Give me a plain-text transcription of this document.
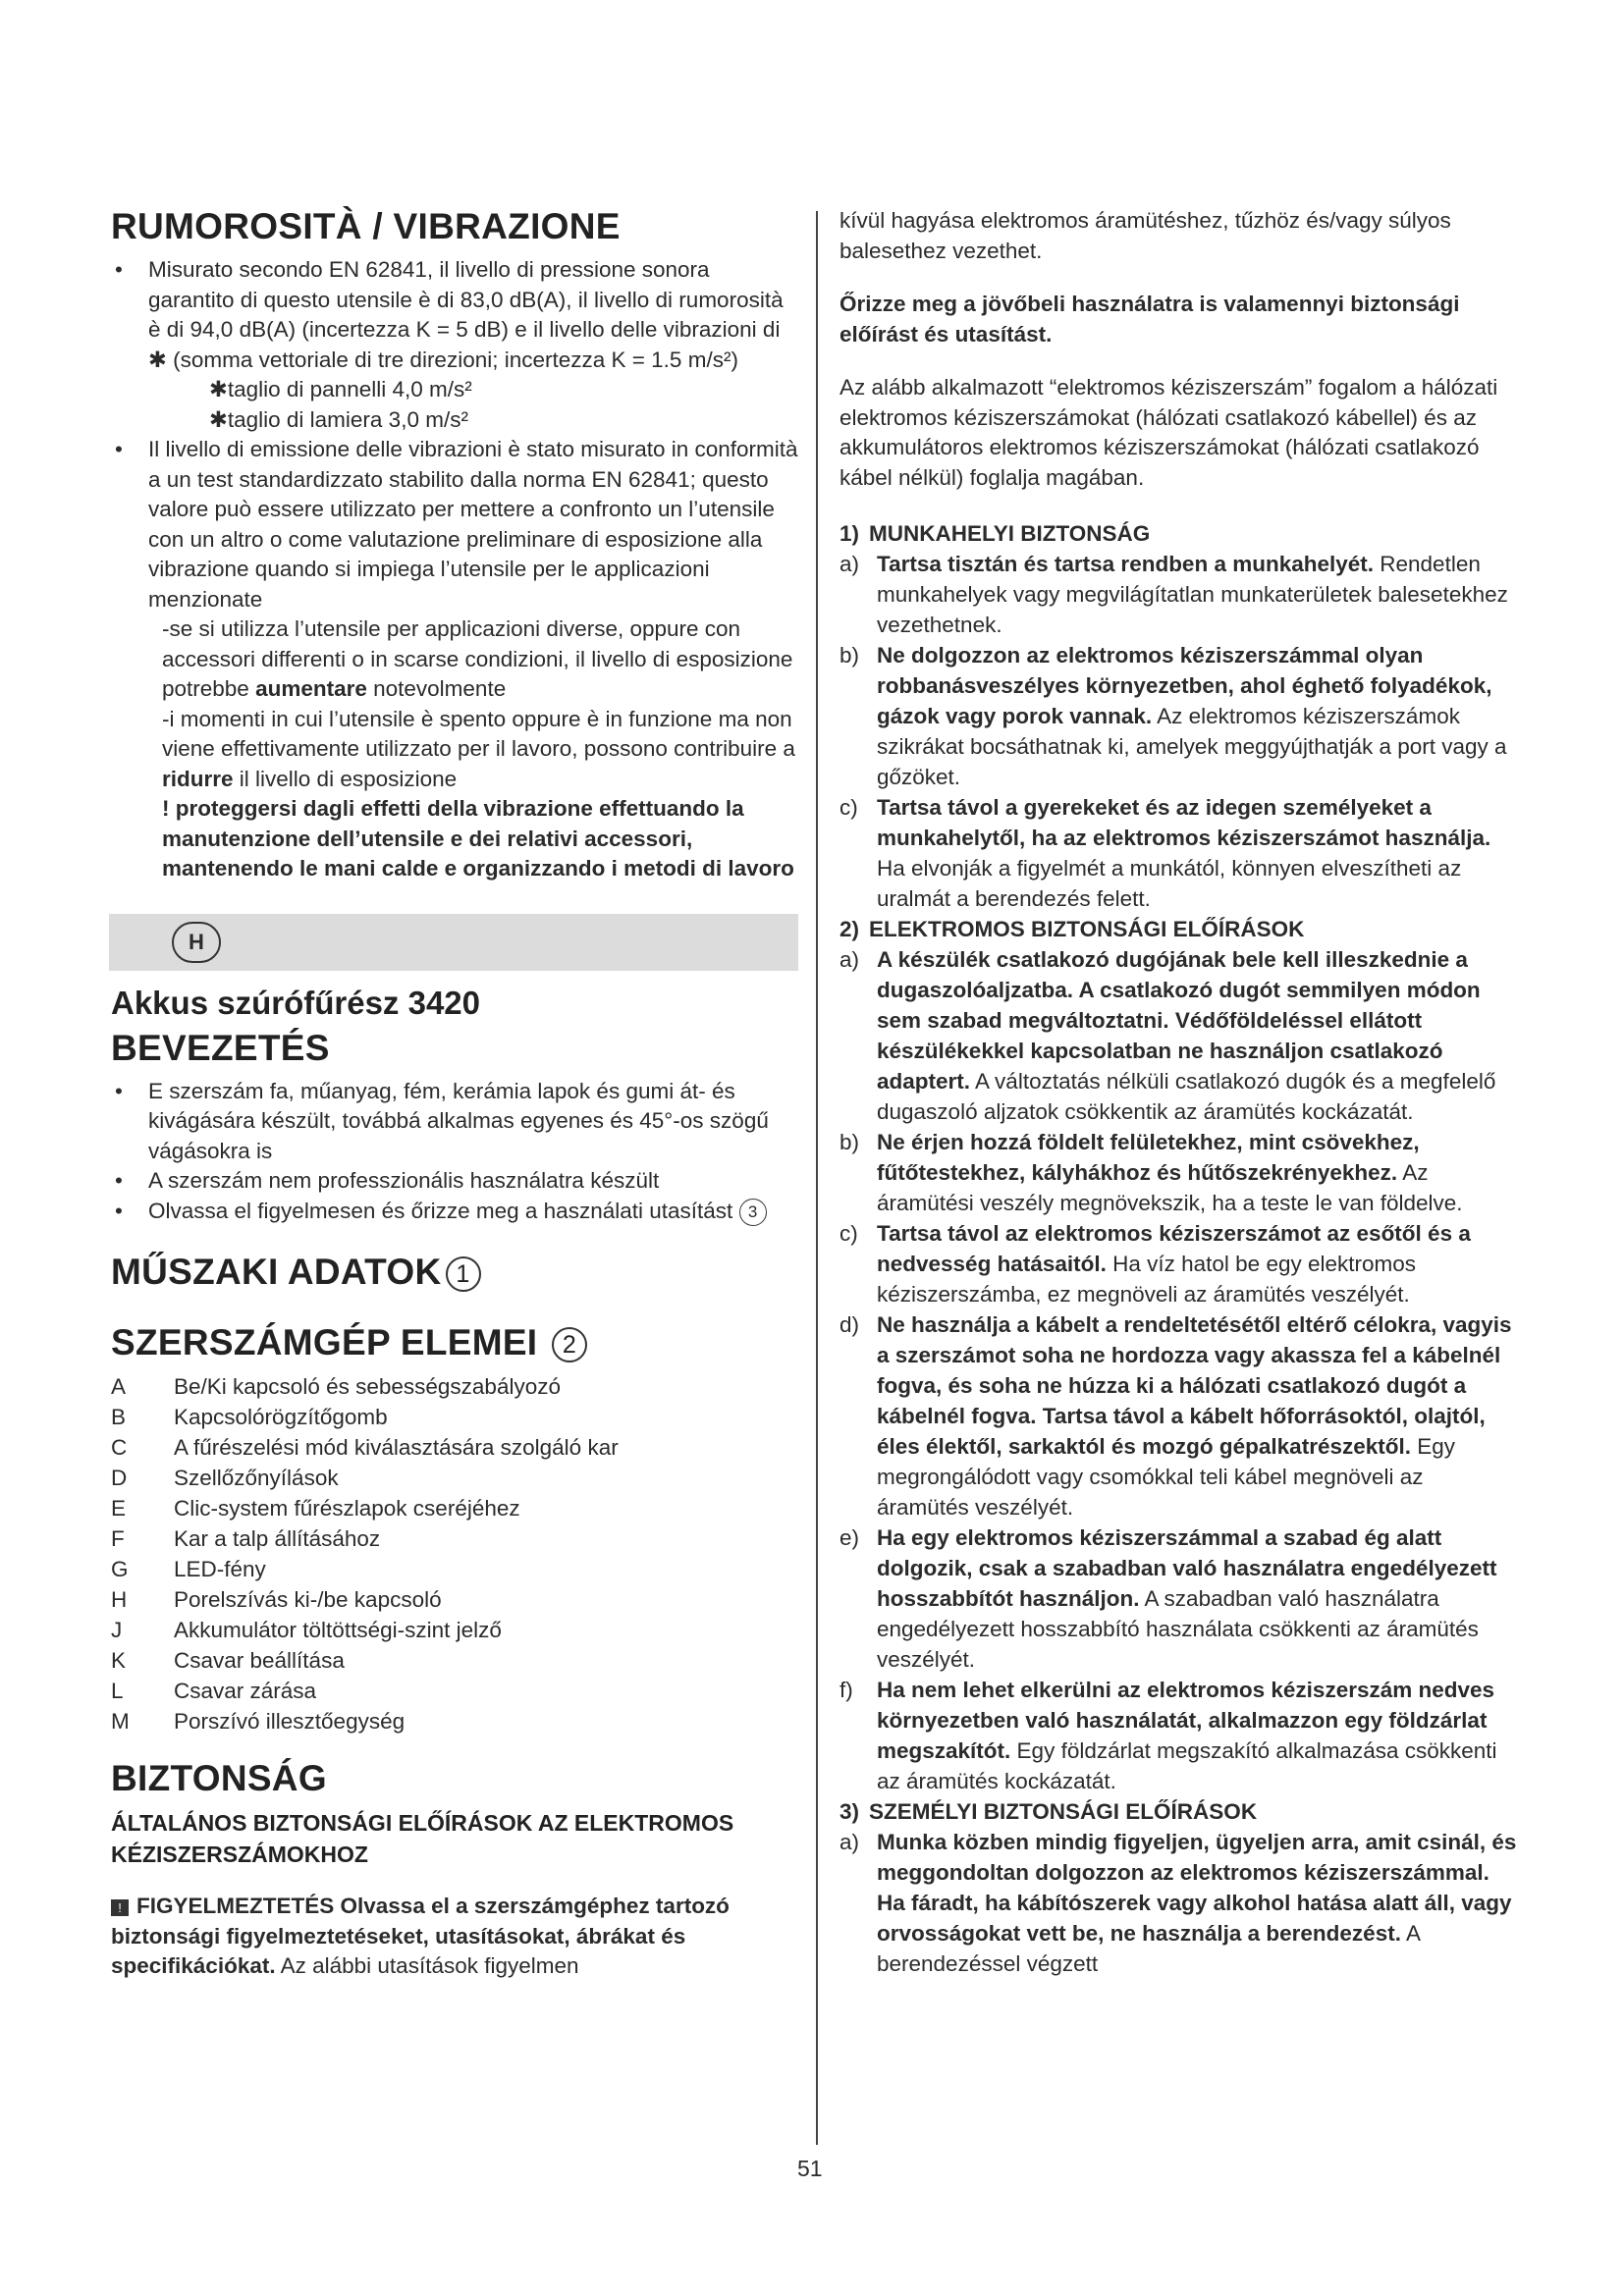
RUMOROSITÀ / VIBRAZIONE
• Misurato secondo EN 62841, il livello di pressione sonora garantito di questo utensile è di 83,0 dB(A), il livello di rumorosità è di 94,0 dB(A) (incertezza K = 5 dB) e il livello delle vibrazioni di ✱ (somma vettoriale di tre direzioni; incertezza K = 1.5 m/s²)
✱taglio di pannelli 4,0 m/s²
✱taglio di lamiera 3,0 m/s²
• Il livello di emissione delle vibrazioni è stato misurato in conformità a un test standardizzato stabilito dalla norma EN 62841; questo valore può essere utilizzato per mettere a confronto un l’utensile con un altro o come valutazione preliminare di esposizione alla vibrazione quando si impiega l’utensile per le applicazioni menzionate
-se si utilizza l’utensile per applicazioni diverse, oppure con accessori differenti o in scarse condizioni, il livello di esposizione potrebbe aumentare notevolmente
-i momenti in cui l’utensile è spento oppure è in funzione ma non viene effettivamente utilizzato per il lavoro, possono contribuire a ridurre il livello di esposizione
! proteggersi dagli effetti della vibrazione effettuando la manutenzione dell’utensile e dei relativi accessori, mantenendo le mani calde e organizzando i metodi di lavoro
H
Akkus szúrófűrész 3420
BEVEZETÉS
• E szerszám fa, műanyag, fém, kerámia lapok és gumi át- és kivágására készült, továbbá alkalmas egyenes és 45°-os szögű vágásokra is
• A szerszám nem professzionális használatra készült
• Olvassa el figyelmesen és őrizze meg a használati utasítást 3
MŰSZAKI ADATOK 1
SZERSZÁMGÉP ELEMEI 2
A	Be/Ki kapcsoló és sebességszabályozó
B	Kapcsolórögzítőgomb
C	A fűrészelési mód kiválasztására szolgáló kar
D	Szellőzőnyílások
E	Clic-system fűrészlapok cseréjéhez
F	Kar a talp állításához
G	LED-fény
H	Porelszívás ki-/be kapcsoló
J	Akkumulátor töltöttségi-szint jelző
K	Csavar beállítása
L	Csavar zárása
M	Porszívó illesztőegység
BIZTONSÁG
ÁLTALÁNOS BIZTONSÁGI ELŐÍRÁSOK AZ ELEKTROMOS KÉZISZERSZÁMOKHOZ
! FIGYELMEZTETÉS Olvassa el a szerszámgéphez tartozó biztonsági figyelmeztetéseket, utasításokat, ábrákat és specifikációkat. Az alábbi utasítások figyelmen
kívül hagyása elektromos áramütéshez, tűzhöz és/vagy súlyos balesethez vezethet.
Őrizze meg a jövőbeli használatra is valamennyi biztonsági előírást és utasítást.
Az alább alkalmazott “elektromos kéziszerszám” fogalom a hálózati elektromos kéziszerszámokat (hálózati csatlakozó kábellel) és az akkumulátoros elektromos kéziszerszámokat (hálózati csatlakozó kábel nélkül) foglalja magában.
1) MUNKAHELYI BIZTONSÁG
a) Tartsa tisztán és tartsa rendben a munkahelyét. Rendetlen munkahelyek vagy megvilágítatlan munkaterületek balesetekhez vezethetnek.
b) Ne dolgozzon az elektromos kéziszerszámmal olyan robbanásveszélyes környezetben, ahol éghető folyadékok, gázok vagy porok vannak. Az elektromos kéziszerszámok szikrákat bocsáthatnak ki, amelyek meggyújthatják a port vagy a gőzöket.
c) Tartsa távol a gyerekeket és az idegen személyeket a munkahelytől, ha az elektromos kéziszerszámot használja. Ha elvonják a figyelmét a munkától, könnyen elveszítheti az uralmát a berendezés felett.
2) ELEKTROMOS BIZTONSÁGI ELŐÍRÁSOK
a) A készülék csatlakozó dugójának bele kell illeszkednie a dugaszolóaljzatba. A csatlakozó dugót semmilyen módon sem szabad megváltoztatni. Védőföldeléssel ellátott készülékekkel kapcsolatban ne használjon csatlakozó adaptert. A változtatás nélküli csatlakozó dugók és a megfelelő dugaszoló aljzatok csökkentik az áramütés kockázatát.
b) Ne érjen hozzá földelt felületekhez, mint csövekhez, fűtőtestekhez, kályhákhoz és hűtőszekrényekhez. Az áramütési veszély megnövekszik, ha a teste le van földelve.
c) Tartsa távol az elektromos kéziszerszámot az esőtől és a nedvesség hatásaitól. Ha víz hatol be egy elektromos kéziszerszámba, ez megnöveli az áramütés veszélyét.
d) Ne használja a kábelt a rendeltetésétől eltérő célokra, vagyis a szerszámot soha ne hordozza vagy akassza fel a kábelnél fogva, és soha ne húzza ki a hálózati csatlakozó dugót a kábelnél fogva. Tartsa távol a kábelt hőforrásoktól, olajtól, éles élektől, sarkaktól és mozgó gépalkatrészektől. Egy megrongálódott vagy csomókkal teli kábel megnöveli az áramütés veszélyét.
e) Ha egy elektromos kéziszerszámmal a szabad ég alatt dolgozik, csak a szabadban való használatra engedélyezett hosszabbítót használjon. A szabadban való használatra engedélyezett hosszabbító használata csökkenti az áramütés veszélyét.
f) Ha nem lehet elkerülni az elektromos kéziszerszám nedves környezetben való használatát, alkalmazzon egy földzárlat megszakítót. Egy földzárlat megszakító alkalmazása csökkenti az áramütés kockázatát.
3) SZEMÉLYI BIZTONSÁGI ELŐÍRÁSOK
a) Munka közben mindig figyeljen, ügyeljen arra, amit csinál, és meggondoltan dolgozzon az elektromos kéziszerszámmal. Ha fáradt, ha kábítószerek vagy alkohol hatása alatt áll, vagy orvosságokat vett be, ne használja a berendezést. A berendezéssel végzett
51
